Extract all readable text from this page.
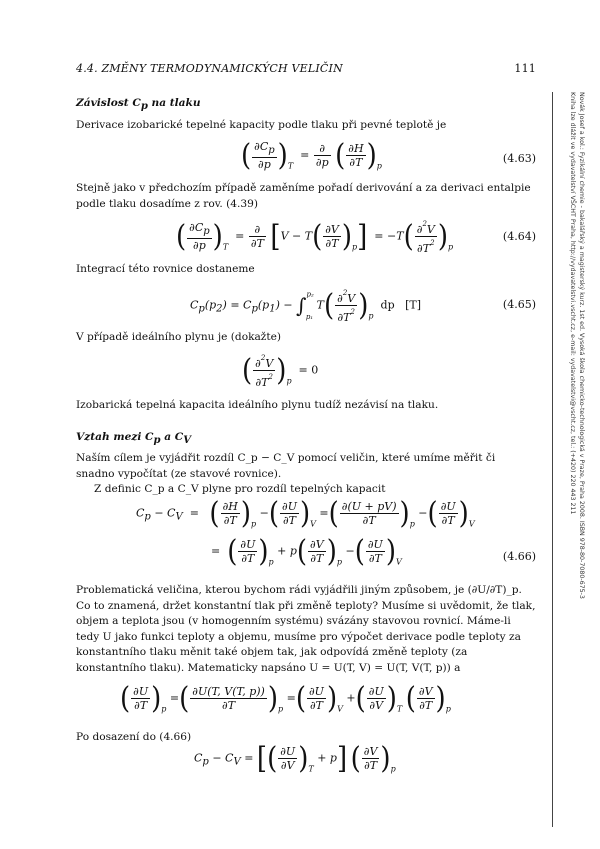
4.4. ZMĚNY TERMODYNAMICKÝCH VELIČIN	111
Novák Josef a kol.: Fyzikální chemie - bakalářský a magisterský kurz. 1st ed. Vysoká škola chemicko-technologická v Praze, Praha 2008. ISBN 978-80-7080-675-3
Kniha lze dlážit ve vydavatelství VŠCHT Praha, http://vydavatelstvi.vscht.cz, e-mail: vydavatelstvi@vscht.cz, tel.: (+420) 220 443 211
Závislost $C_p$ na tlaku
Derivace izobarické tepelné kapacity podle tlaku při pevné teplotě je
( $\frac{\partial C_p}{\partial p} )_T = \frac{\partial}{\partial p}$ ( $\frac{\partial H}{\partial T} )_p$
(4.63)
Stejně jako v předchozím případě zaměníme pořadí derivování a za derivaci entalpie podle tlaku dosadíme z rov. (4.39)
( $\frac{\partial C_p}{\partial p} )_T = \frac{\partial}{\partial T} [V - T( \frac{\partial V}{\partial T} )_p] = -T( \frac{\partial^2V}{\partial T^2} )_p$
(4.64)
Integrací této rovnice dostaneme
$C_p(p_2) = C_p(p_1) - \int^{p_2}_{p_1}$ $T( \frac{\partial^2V}{\partial T^2} )_p$  dp   [T]	(4.65)
V případě ideálního plynu je (dokažte)
( $\frac{\partial^2V}{\partial T^2} )_p = 0$
Izobarická tepelná kapacita ideálního plynu tudíž nezávisí na tlaku.
Vztah mezi $C_p$ a $C_V$
Naším cílem je vyjádřit rozdíl C_p − C_V pomocí veličin, které umíme měřit či snadno vypočítat (ze stavové rovnice).
Z definic C_p a C_V plyne pro rozdíl tepelných kapacit
$C_p - C_V$  =   ( $\frac{\partial H}{\partial T} )_p$ −( $\frac{\partial U}{\partial T} )_V$ =( $\frac{\partial(U + pV)}{\partial T} )_p$ −( $\frac{\partial U}{\partial T} )_V$
=  ( $\frac{\partial U}{\partial T} )_p + p( \frac{\partial V}{\partial T} )_p$ −( $\frac{\partial U}{\partial T} )_V$	(4.66)
Problematická veličina, kterou bychom rádi vyjádřili jiným způsobem, je (∂U/∂T)_p. Co to znamená, držet konstantní tlak při změně teploty? Musíme si uvědomit, že tlak, objem a teplota jsou (v homogenním systému) svázány stavovou rovnicí. Máme-li tedy U jako funkci teploty a objemu, musíme pro výpočet derivace podle teploty za konstantního tlaku měnit také objem tak, jak odpovídá změně teploty (za konstantního tlaku). Matematicky napsáno U = U(T, V) = U(T, V(T, p)) a
( $\frac{\partial U}{\partial T} )_p$ =( $\frac{\partial U(T, V(T, p))}{\partial T} )_p$ =( $\frac{\partial U}{\partial T} )_V$ +( $\frac{\partial U}{\partial V} )_T$ ( $\frac{\partial V}{\partial T} )_p$
Po dosazení do (4.66)
$C_p - C_V$ = [( $\frac{\partial U}{\partial V} )_T + p$] ( $\frac{\partial V}{\partial T} )_p$
